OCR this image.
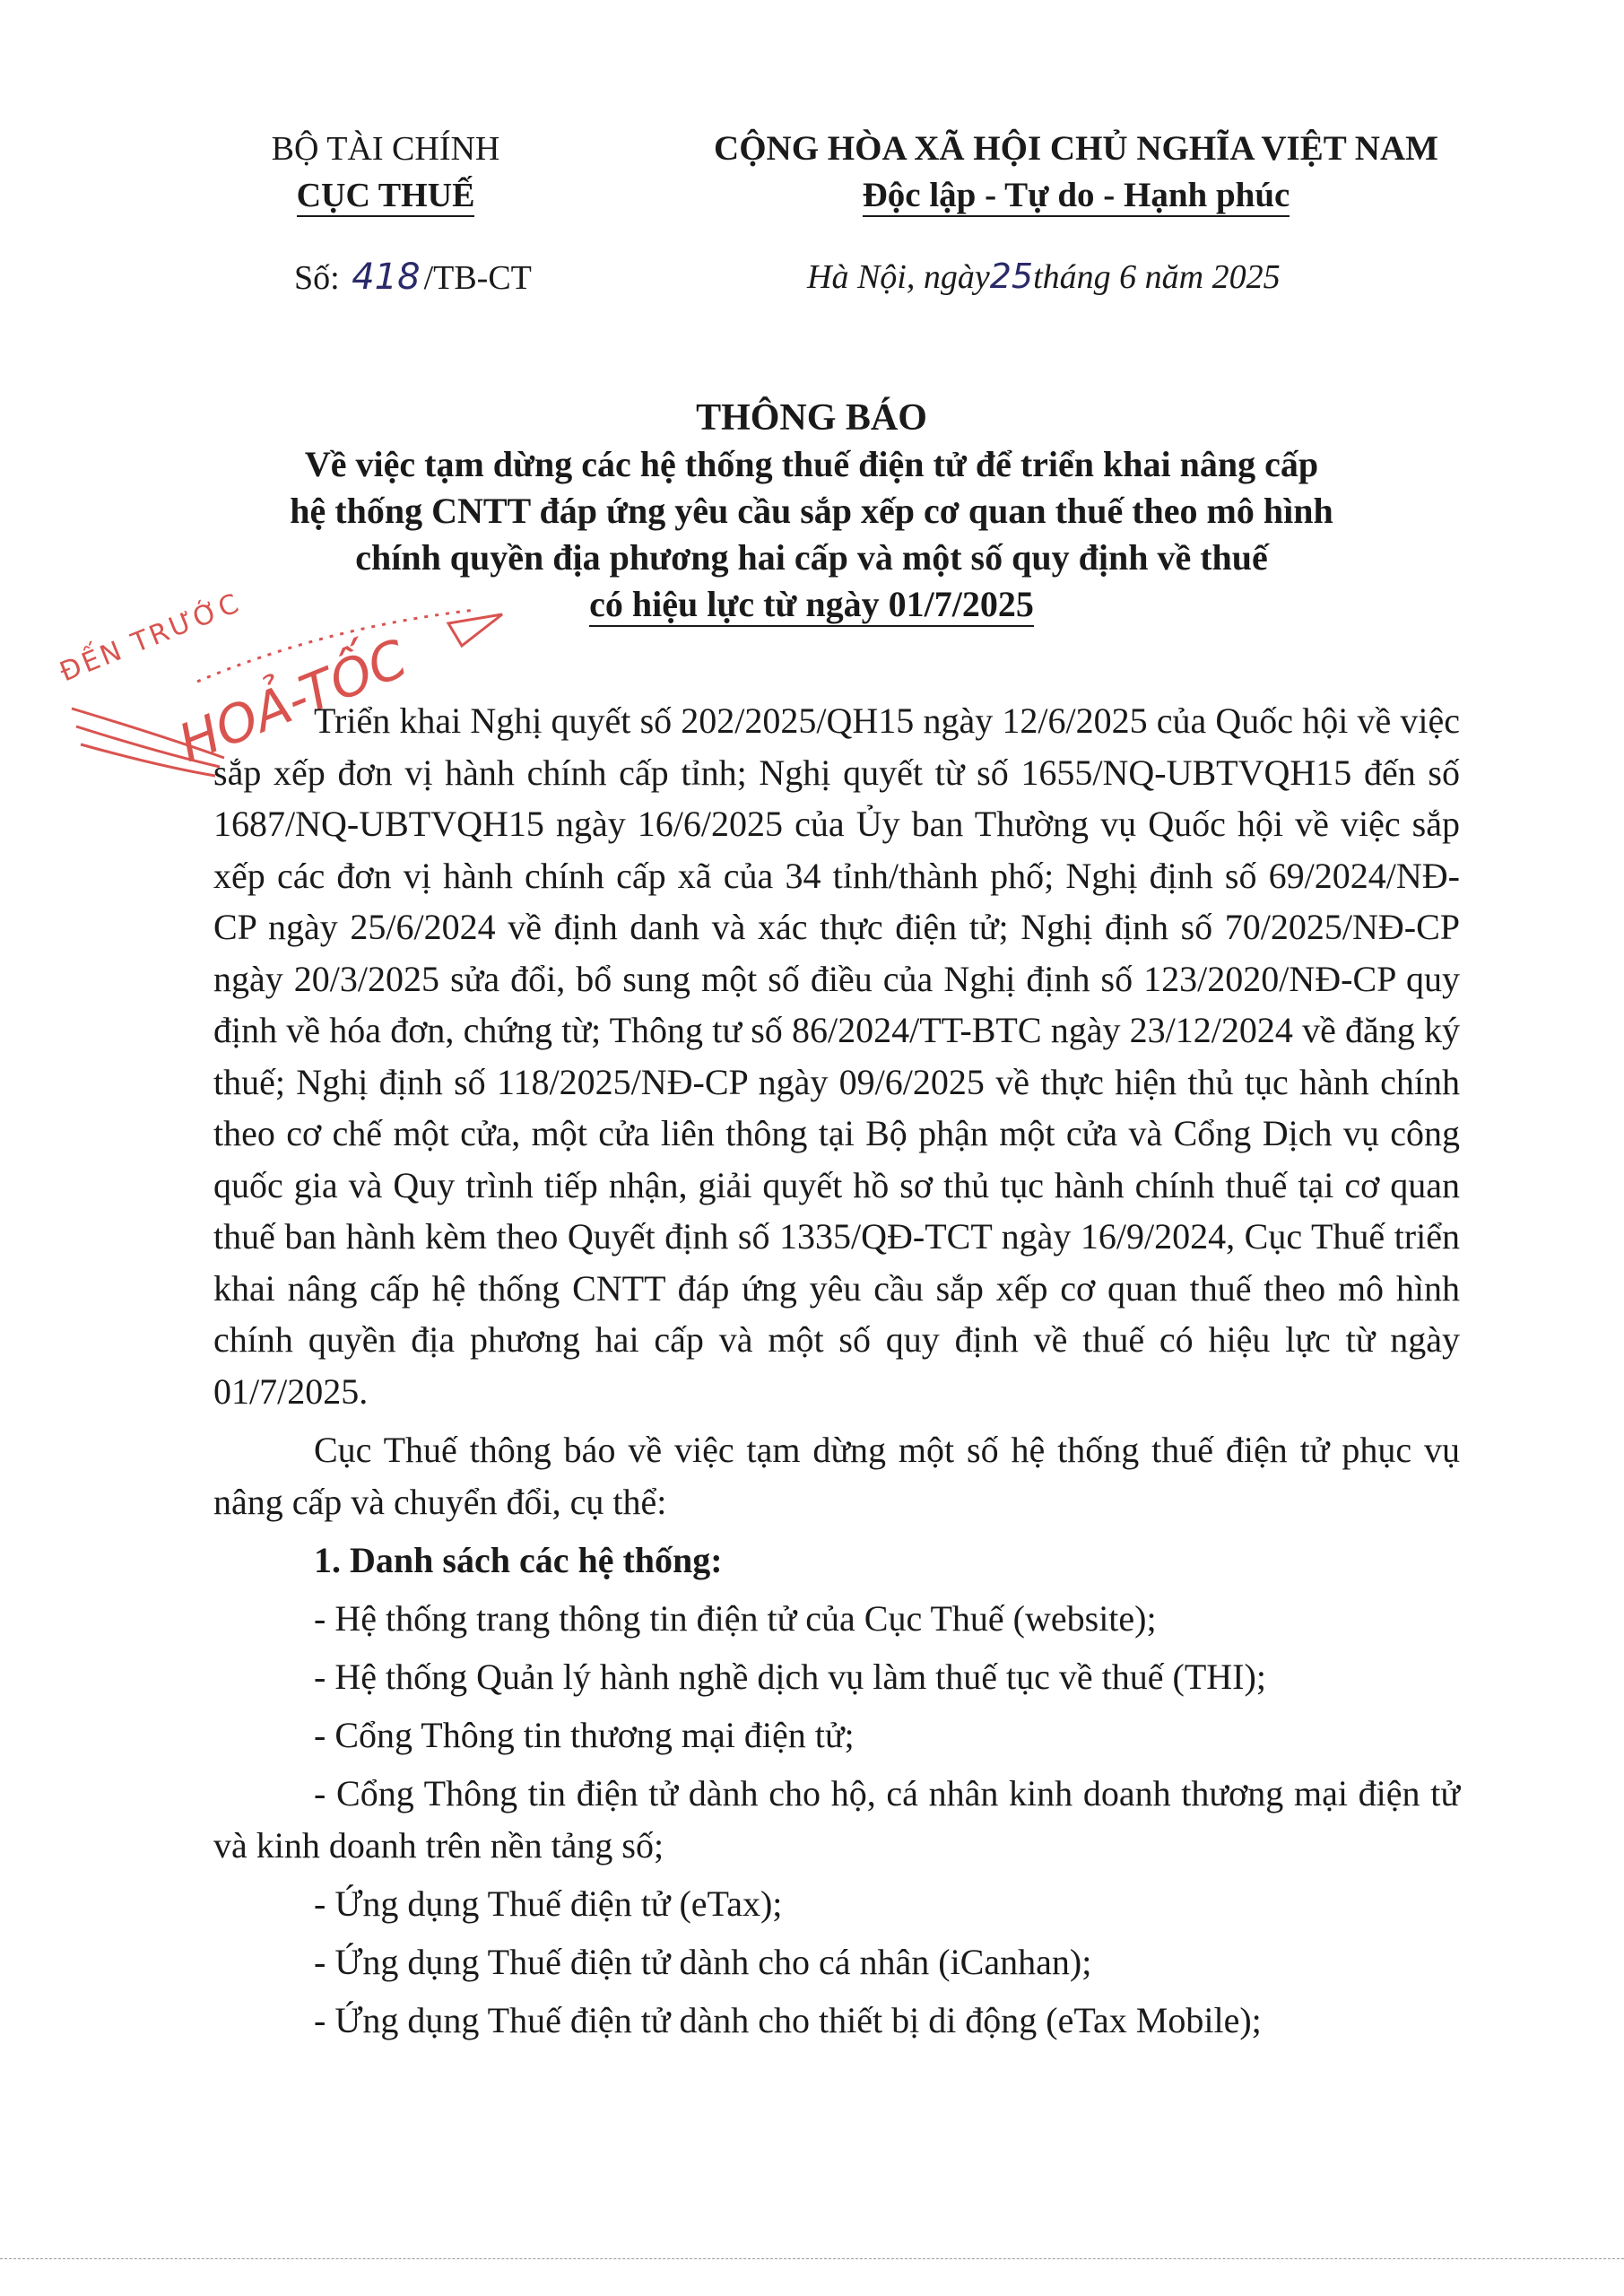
BỘ TÀI CHÍNH
CỤC THUẾ
CỘNG HÒA XÃ HỘI CHỦ NGHĨA VIỆT NAM
Độc lập - Tự do - Hạnh phúc
Số: 418 /TB-CT	Hà Nội, ngày25tháng 6 năm 2025
THÔNG BÁO
Về việc tạm dừng các hệ thống thuế điện tử để triển khai nâng cấp
hệ thống CNTT đáp ứng yêu cầu sắp xếp cơ quan thuế theo mô hình
chính quyền địa phương hai cấp và một số quy định về thuế
có hiệu lực từ ngày 01/7/2025
ĐẾN TRƯỚC
HOẢ-TỐC

Triển khai Nghị quyết số 202/2025/QH15 ngày 12/6/2025 của Quốc hội về việc sắp xếp đơn vị hành chính cấp tỉnh; Nghị quyết từ số 1655/NQ-UBTVQH15 đến số 1687/NQ-UBTVQH15 ngày 16/6/2025 của Ủy ban Thường vụ Quốc hội về việc sắp xếp các đơn vị hành chính cấp xã của 34 tỉnh/thành phố; Nghị định số 69/2024/NĐ-CP ngày 25/6/2024 về định danh và xác thực điện tử; Nghị định số 70/2025/NĐ-CP ngày 20/3/2025 sửa đổi, bổ sung một số điều của Nghị định số 123/2020/NĐ-CP quy định về hóa đơn, chứng từ; Thông tư số 86/2024/TT-BTC ngày 23/12/2024 về đăng ký thuế; Nghị định số 118/2025/NĐ-CP ngày 09/6/2025 về thực hiện thủ tục hành chính theo cơ chế một cửa, một cửa liên thông tại Bộ phận một cửa và Cổng Dịch vụ công quốc gia và Quy trình tiếp nhận, giải quyết hồ sơ thủ tục hành chính thuế tại cơ quan thuế ban hành kèm theo Quyết định số 1335/QĐ-TCT ngày 16/9/2024, Cục Thuế triển khai nâng cấp hệ thống CNTT đáp ứng yêu cầu sắp xếp cơ quan thuế theo mô hình chính quyền địa phương hai cấp và một số quy định về thuế có hiệu lực từ ngày 01/7/2025.

Cục Thuế thông báo về việc tạm dừng một số hệ thống thuế điện tử phục vụ nâng cấp và chuyển đổi, cụ thể:

1. Danh sách các hệ thống:

- Hệ thống trang thông tin điện tử của Cục Thuế (website);

- Hệ thống Quản lý hành nghề dịch vụ làm thuế tục về thuế (THI);

- Cổng Thông tin thương mại điện tử;

- Cổng Thông tin điện tử dành cho hộ, cá nhân kinh doanh thương mại điện tử và kinh doanh trên nền tảng số;

- Ứng dụng Thuế điện tử (eTax);

- Ứng dụng Thuế điện tử dành cho cá nhân (iCanhan);

- Ứng dụng Thuế điện tử dành cho thiết bị di động (eTax Mobile);
